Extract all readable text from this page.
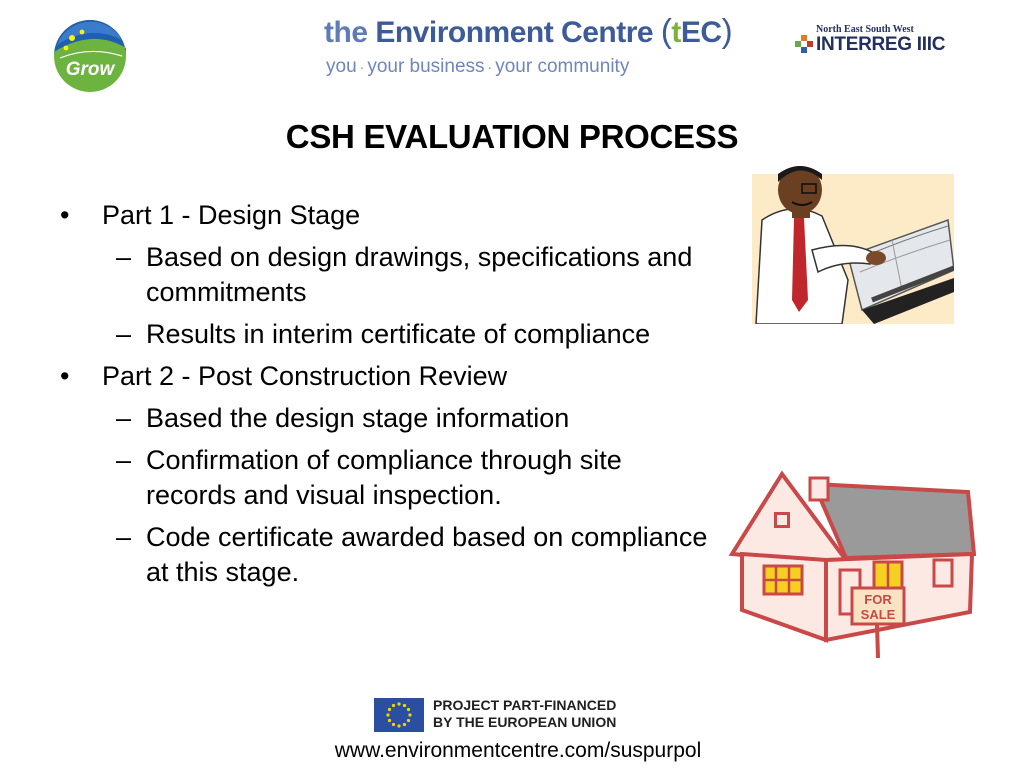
Grow
the Environment Centre (tEC)
you · your business · your community
North East South West
INTERREG IIIC
CSH EVALUATION PROCESS
• Part 1 - Design Stage
– Based on design drawings, specifications and commitments
– Results in interim certificate of compliance
• Part 2 - Post Construction Review
– Based the design stage information
– Confirmation of compliance through site records and visual inspection.
– Code certificate awarded based on compliance at this stage.
FOR
SALE
PROJECT PART-FINANCED
BY THE EUROPEAN UNION
www.environmentcentre.com/suspurpol
